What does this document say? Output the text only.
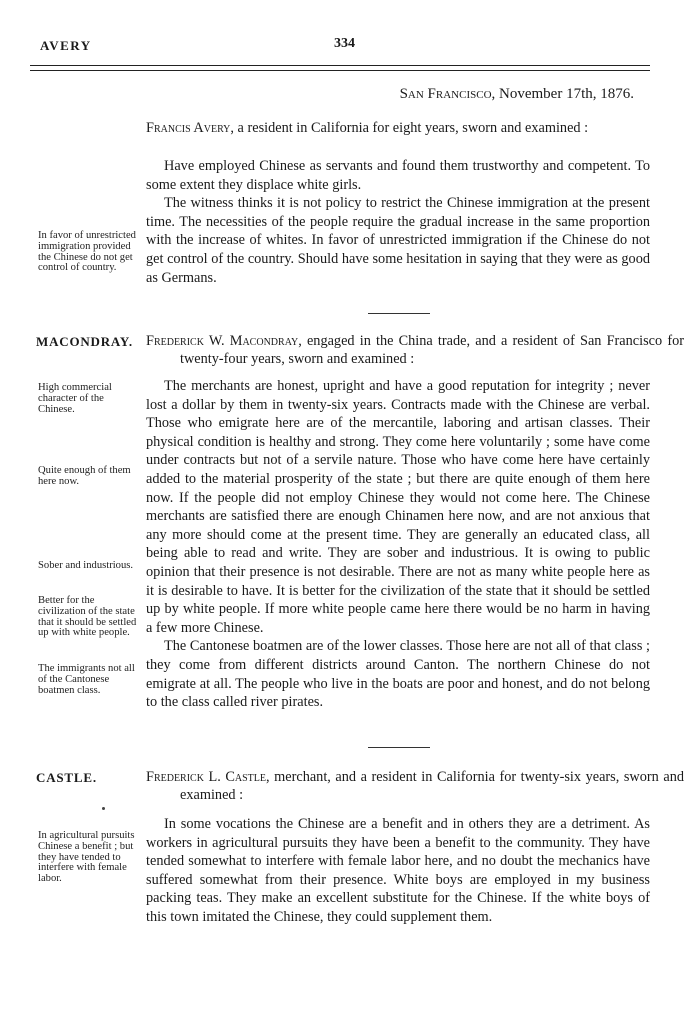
AVERY	334
San Francisco, November 17th, 1876.
Francis Avery, a resident in California for eight years, sworn and examined :

Have employed Chinese as servants and found them trustworthy and competent. To some extent they displace white girls.

The witness thinks it is not policy to restrict the Chinese immigration at the present time. The necessities of the people require the gradual increase in the same proportion with the increase of whites. In favor of unrestricted immigration if the Chinese do not get control of the country. Should have some hesitation in saying that they were as good as Germans.

In favor of unrestricted immigration provided the Chinese do not get control of country.
MACONDRAY. Frederick W. Macondray, engaged in the China trade, and a resident of San Francisco for twenty-four years, sworn and examined :

The merchants are honest, upright and have a good reputation for integrity ; never lost a dollar by them in twenty-six years. Contracts made with the Chinese are verbal. Those who emigrate here are of the mercantile, laboring and artisan classes. Their physical condition is healthy and strong. They come here voluntarily ; some have come under contracts but not of a servile nature. Those who have come here have certainly added to the material prosperity of the state ; but there are quite enough of them here now. If the people did not employ Chinese they would not come here. The Chinese merchants are satisfied there are enough Chinamen here now, and are not anxious that any more should come at the present time. They are generally an educated class, all being able to read and write. They are sober and industrious. It is owing to public opinion that their presence is not desirable. There are not as many white people here as it is desirable to have. It is better for the civilization of the state that it should be settled up by white people. If more white people came here there would be no harm in having a few more Chinese.

The Cantonese boatmen are of the lower classes. Those here are not all of that class ; they come from different districts around Canton. The northern Chinese do not emigrate at all. The people who live in the boats are poor and honest, and do not belong to the class called river pirates.

High commercial character of the Chinese.
Quite enough of them here now.
Sober and industrious.
Better for the civilization of the state that it should be settled up with white people.
The immigrants not all of the Cantonese boatmen class.
CASTLE.	Frederick L. Castle, merchant, and a resident in California for twenty-six years, sworn and examined :

In some vocations the Chinese are a benefit and in others they are a detriment. As workers in agricultural pursuits they have been a benefit to the community. They have tended somewhat to interfere with female labor here, and no doubt the mechanics have suffered somewhat from their presence. White boys are employed in my business packing teas. They make an excellent substitute for the Chinese. If the white boys of this town imitated the Chinese, they could supplement them.

In agricultural pursuits Chinese a benefit ; but they have tended to interfere with female labor.
